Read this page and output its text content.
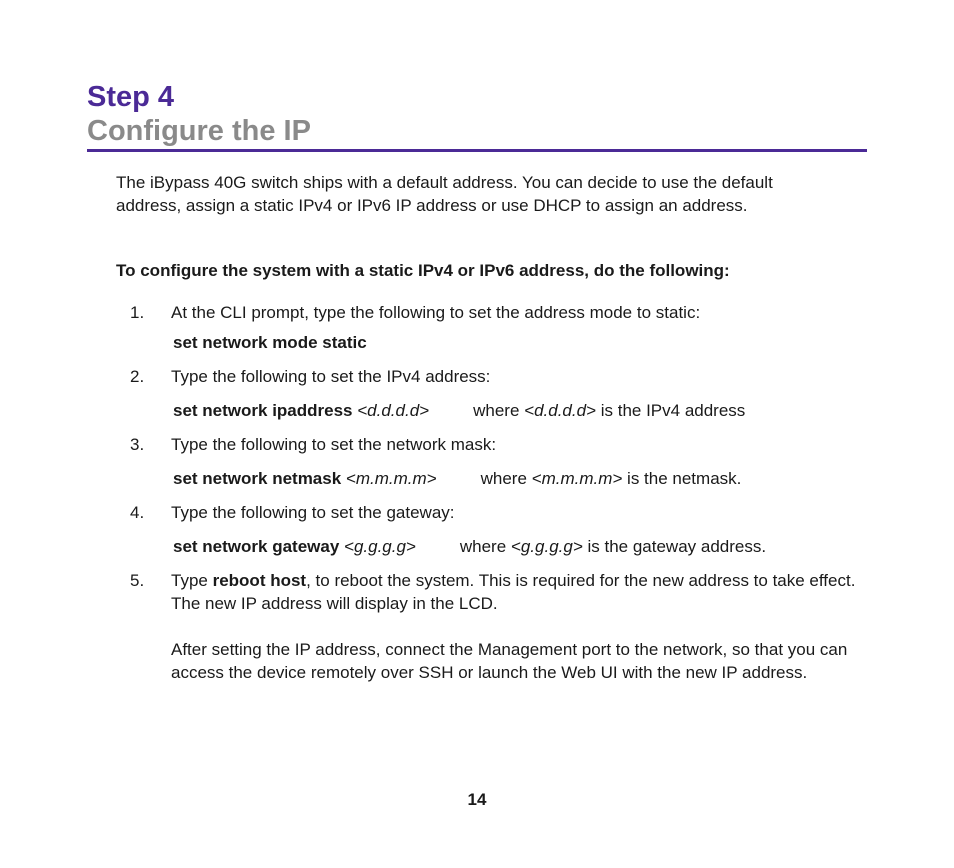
Step 4

Configure the IP

The iBypass 40G switch ships with a default address. You can decide to use the default address, assign a static IPv4 or IPv6 IP address or use DHCP to assign an address.

To configure the system with a static IPv4 or IPv6 address, do the following:

1. At the CLI prompt, type the following to set the address mode to static:

set network mode static
2. Type the following to set the IPv4 address:

set network ipaddress <d.d.d.d>	where <d.d.d.d> is the IPv4 address
3. Type the following to set the network mask:

set network netmask <m.m.m.m>	where <m.m.m.m> is the netmask.
4. Type the following to set the gateway:

set network gateway <g.g.g.g>	where <g.g.g.g> is the gateway address.
5. Type reboot host, to reboot the system. This is required for the new address to take effect. The new IP address will display in the LCD.

After setting the IP address, connect the Management port to the network, so that you can access the device remotely over SSH or launch the Web UI with the new IP address.

14
